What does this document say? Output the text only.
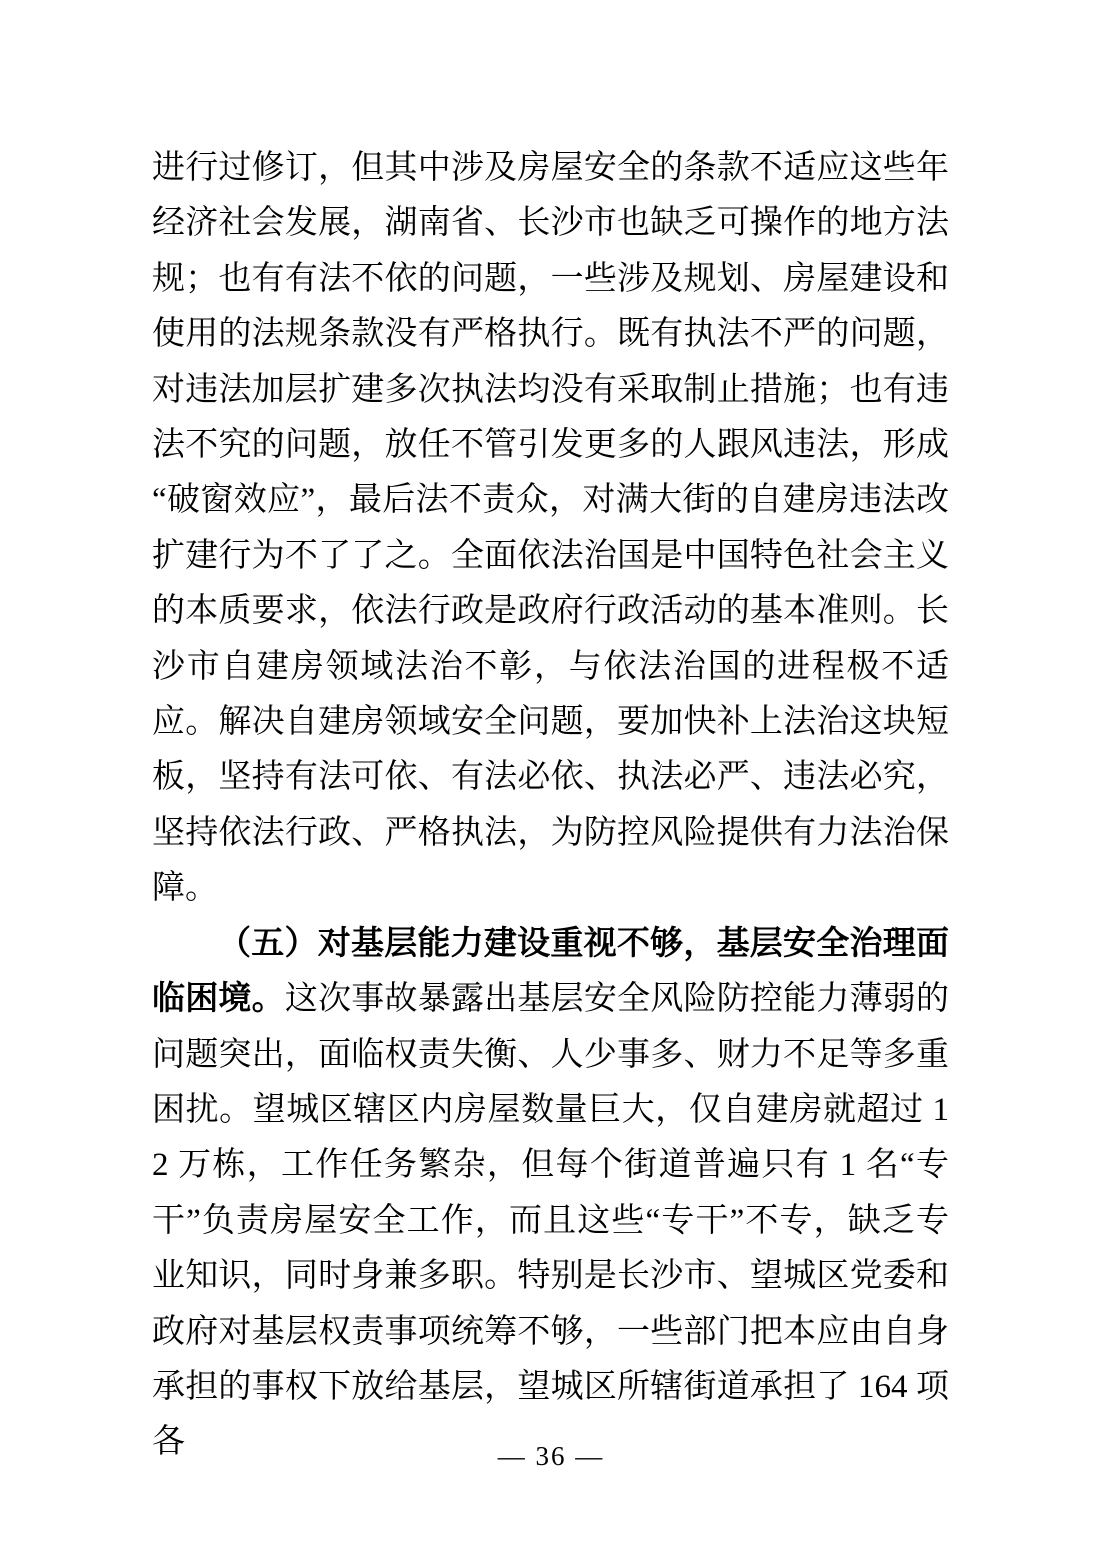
进行过修订，但其中涉及房屋安全的条款不适应这些年经济社会发展，湖南省、长沙市也缺乏可操作的地方法规；也有有法不依的问题，一些涉及规划、房屋建设和使用的法规条款没有严格执行。既有执法不严的问题，对违法加层扩建多次执法均没有采取制止措施；也有违法不究的问题，放任不管引发更多的人跟风违法，形成“破窗效应”，最后法不责众，对满大街的自建房违法改扩建行为不了了之。全面依法治国是中国特色社会主义的本质要求，依法行政是政府行政活动的基本准则。长沙市自建房领域法治不彰，与依法治国的进程极不适应。解决自建房领域安全问题，要加快补上法治这块短板，坚持有法可依、有法必依、执法必严、违法必究，坚持依法行政、严格执法，为防控风险提供有力法治保障。

（五）对基层能力建设重视不够，基层安全治理面临困境。这次事故暴露出基层安全风险防控能力薄弱的问题突出，面临权责失衡、人少事多、财力不足等多重困扰。望城区辖区内房屋数量巨大，仅自建房就超过 12 万栋，工作任务繁杂，但每个街道普遍只有 1 名“专干”负责房屋安全工作，而且这些“专干”不专，缺乏专业知识，同时身兼多职。特别是长沙市、望城区党委和政府对基层权责事项统筹不够，一些部门把本应由自身承担的事权下放给基层，望城区所辖街道承担了 164 项各	— 36 —
